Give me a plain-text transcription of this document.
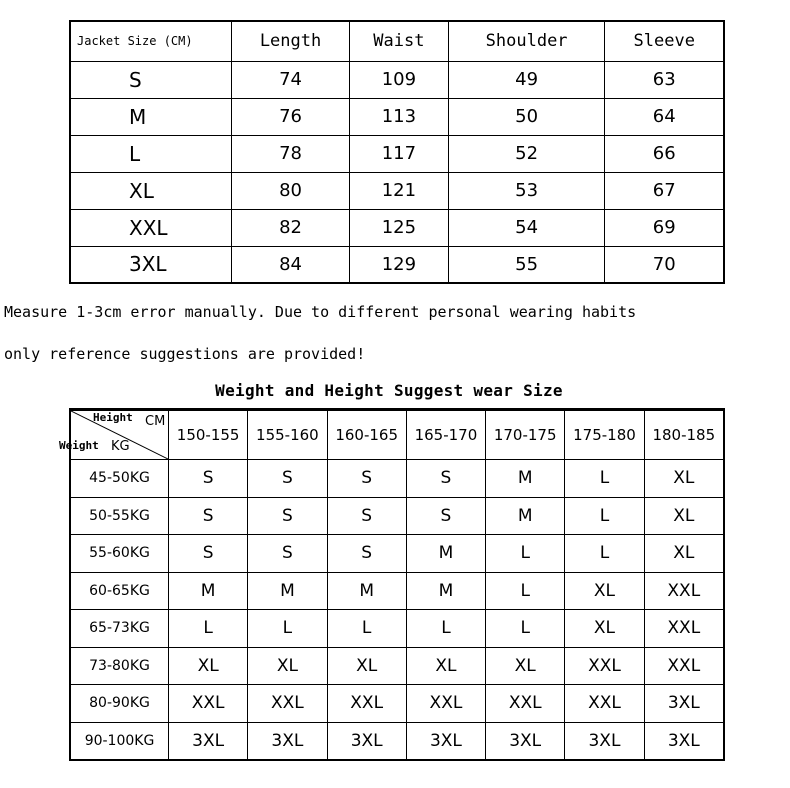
Jacket Size (CM)	Length	Waist	Shoulder	Sleeve
S	74	109	49	63
M	76	113	50	64
L	78	117	52	66
XL	80	121	53	67
XXL	82	125	54	69
3XL	84	129	55	70
Measure 1-3cm error manually. Due to different personal wearing habits
only reference suggestions are provided!
Weight and Height Suggest wear Size
Height CM
Weight KG	150-155	155-160	160-165	165-170	170-175	175-180	180-185
45-50KG	S	S	S	S	M	L	XL
50-55KG	S	S	S	S	M	L	XL
55-60KG	S	S	S	M	L	L	XL
60-65KG	M	M	M	M	L	XL	XXL
65-73KG	L	L	L	L	L	XL	XXL
73-80KG	XL	XL	XL	XL	XL	XXL	XXL
80-90KG	XXL	XXL	XXL	XXL	XXL	XXL	3XL
90-100KG	3XL	3XL	3XL	3XL	3XL	3XL	3XL
